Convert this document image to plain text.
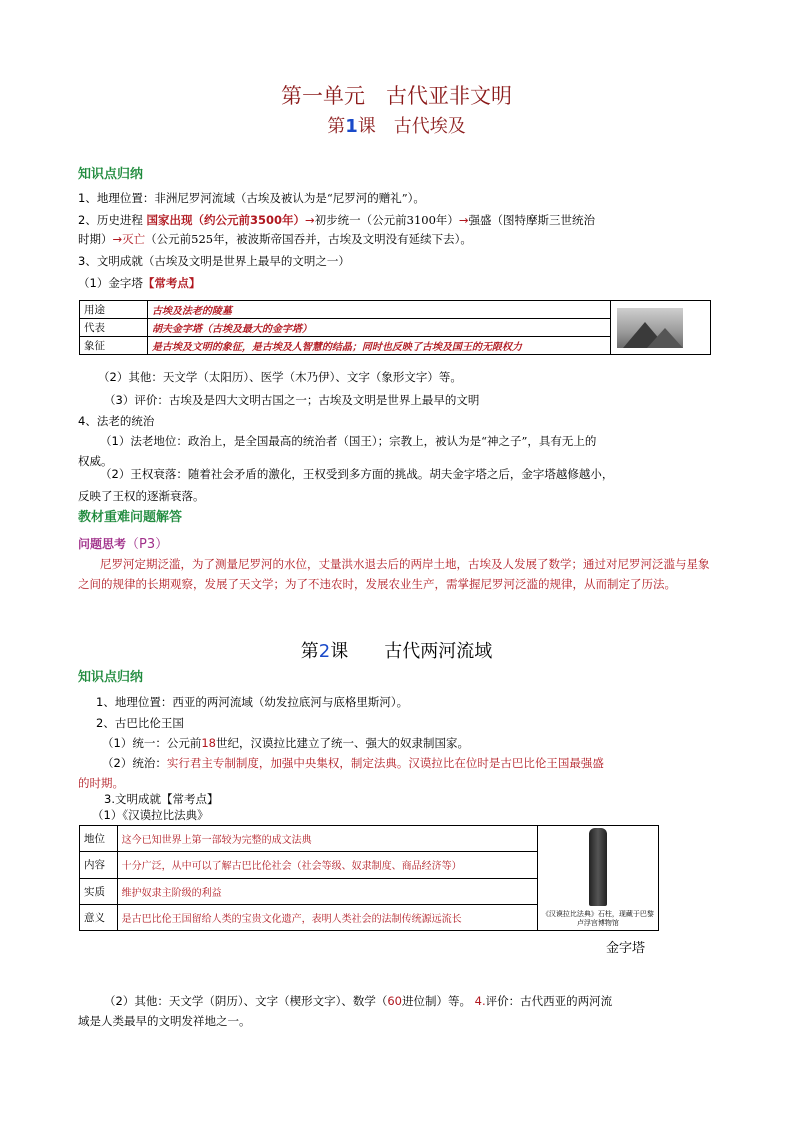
第一单元　古代亚非文明
第1课　古代埃及
知识点归纳
1、地理位置：非洲尼罗河流域（古埃及被认为是“尼罗河的赠礼”）。
2、历史进程 国家出现（约公元前3500年）→初步统一（公元前3100年）→强盛（图特摩斯三世统治
时期）→灭亡（公元前525年，被波斯帝国吞并，古埃及文明没有延续下去）。
3、文明成就（古埃及文明是世界上最早的文明之一）
（1）金字塔【常考点】
用途	古埃及法老的陵墓	

代表	胡夫金字塔（古埃及最大的金字塔）	
象征	是古埃及文明的象征，是古埃及人智慧的结晶；同时也反映了古埃及国王的无限权力	
（2）其他：天文学（太阳历）、医学（木乃伊）、文字（象形文字）等。
（3）评价：古埃及是四大文明古国之一；古埃及文明是世界上最早的文明
4、法老的统治
（1）法老地位：政治上，是全国最高的统治者（国王）；宗教上，被认为是“神之子”，具有无上的
权威。
（2）王权衰落：随着社会矛盾的激化，王权受到多方面的挑战。胡夫金字塔之后，金字塔越修越小，
反映了王权的逐渐衰落。
教材重难问题解答
问题思考（P3）
尼罗河定期泛滥，为了测量尼罗河的水位，丈量洪水退去后的两岸土地，古埃及人发展了数学；通过对尼罗河泛滥与星象之间的规律的长期观察，发展了天文学；为了不违农时，发展农业生产，需掌握尼罗河泛滥的规律，从而制定了历法。
第2课　　古代两河流域
知识点归纳
1、地理位置：西亚的两河流域（幼发拉底河与底格里斯河）。
2、古巴比伦王国
（1）统一：公元前18世纪，汉谟拉比建立了统一、强大的奴隶制国家。
（2）统治：实行君主专制制度，加强中央集权，制定法典。汉谟拉比在位时是古巴比伦王国最强盛
的时期。
3.文明成就【常考点】
（1）《汉谟拉比法典》
地位	这今已知世界上第一部较为完整的成文法典	《汉谟拉比法典》石柱，现藏于巴黎卢浮宫博物馆

内容	十分广泛，从中可以了解古巴比伦社会（社会等级、奴隶制度、商品经济等）	
实质	维护奴隶主阶级的利益	
意义	是古巴比伦王国留给人类的宝贵文化遗产，表明人类社会的法制传统源远流长	
金字塔
（2）其他：天文学（阴历）、文字（楔形文字）、数学（60进位制）等。 4.评价：古代西亚的两河流
域是人类最早的文明发祥地之一。
